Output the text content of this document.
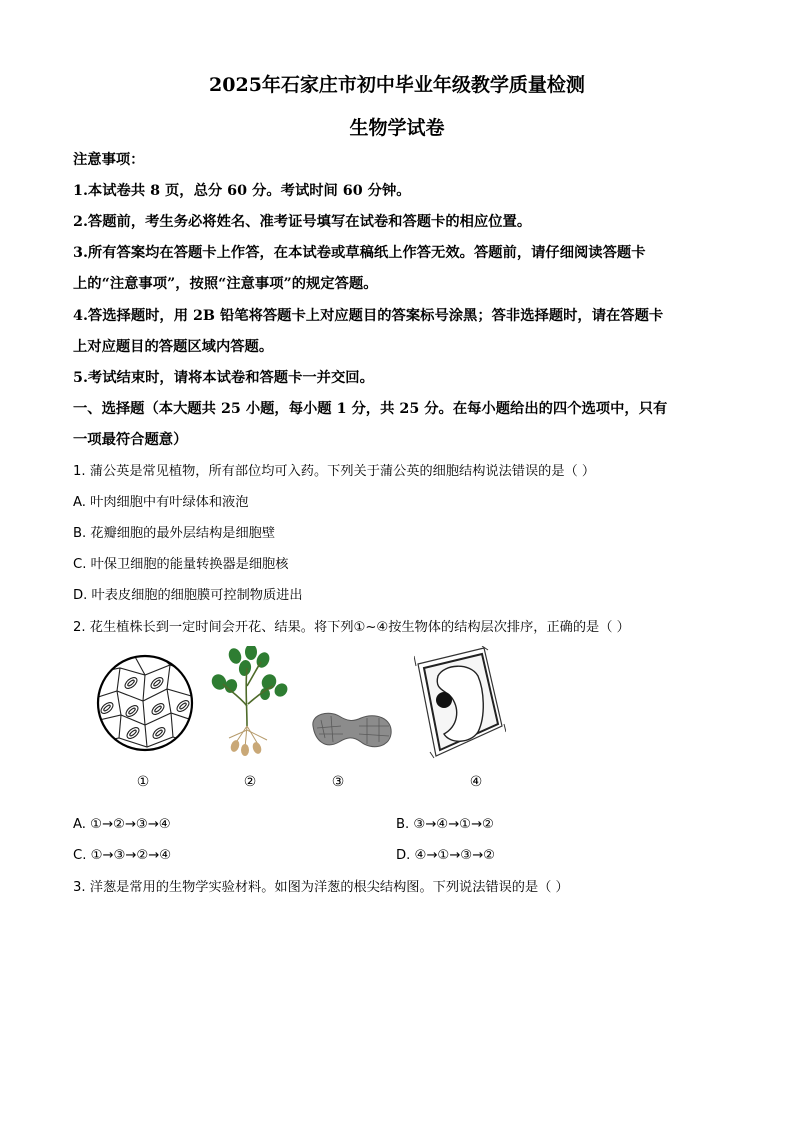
2025年石家庄市初中毕业年级教学质量检测
生物学试卷
注意事项：
1.本试卷共 8 页，总分 60 分。考试时间 60 分钟。
2.答题前，考生务必将姓名、准考证号填写在试卷和答题卡的相应位置。
3.所有答案均在答题卡上作答，在本试卷或草稿纸上作答无效。答题前，请仔细阅读答题卡
上的“注意事项”，按照“注意事项”的规定答题。
4.答选择题时，用 2B 铅笔将答题卡上对应题目的答案标号涂黑；答非选择题时，请在答题卡
上对应题目的答题区域内答题。
5.考试结束时，请将本试卷和答题卡一并交回。
一、选择题（本大题共 25 小题，每小题 1 分，共 25 分。在每小题给出的四个选项中，只有
一项最符合题意）
1. 蒲公英是常见植物，所有部位均可入药。下列关于蒲公英的细胞结构说法错误的是（ ）
A. 叶肉细胞中有叶绿体和液泡
B. 花瓣细胞的最外层结构是细胞壁
C. 叶保卫细胞的能量转换器是细胞核
D. 叶表皮细胞的细胞膜可控制物质进出
2. 花生植株长到一定时间会开花、结果。将下列①~④按生物体的结构层次排序，正确的是（ ）
①	②	③	④
A. ①→②→③→④	B. ③→④→①→②
C. ①→③→②→④	D. ④→①→③→②
3. 洋葱是常用的生物学实验材料。如图为洋葱的根尖结构图。下列说法错误的是（ ）
